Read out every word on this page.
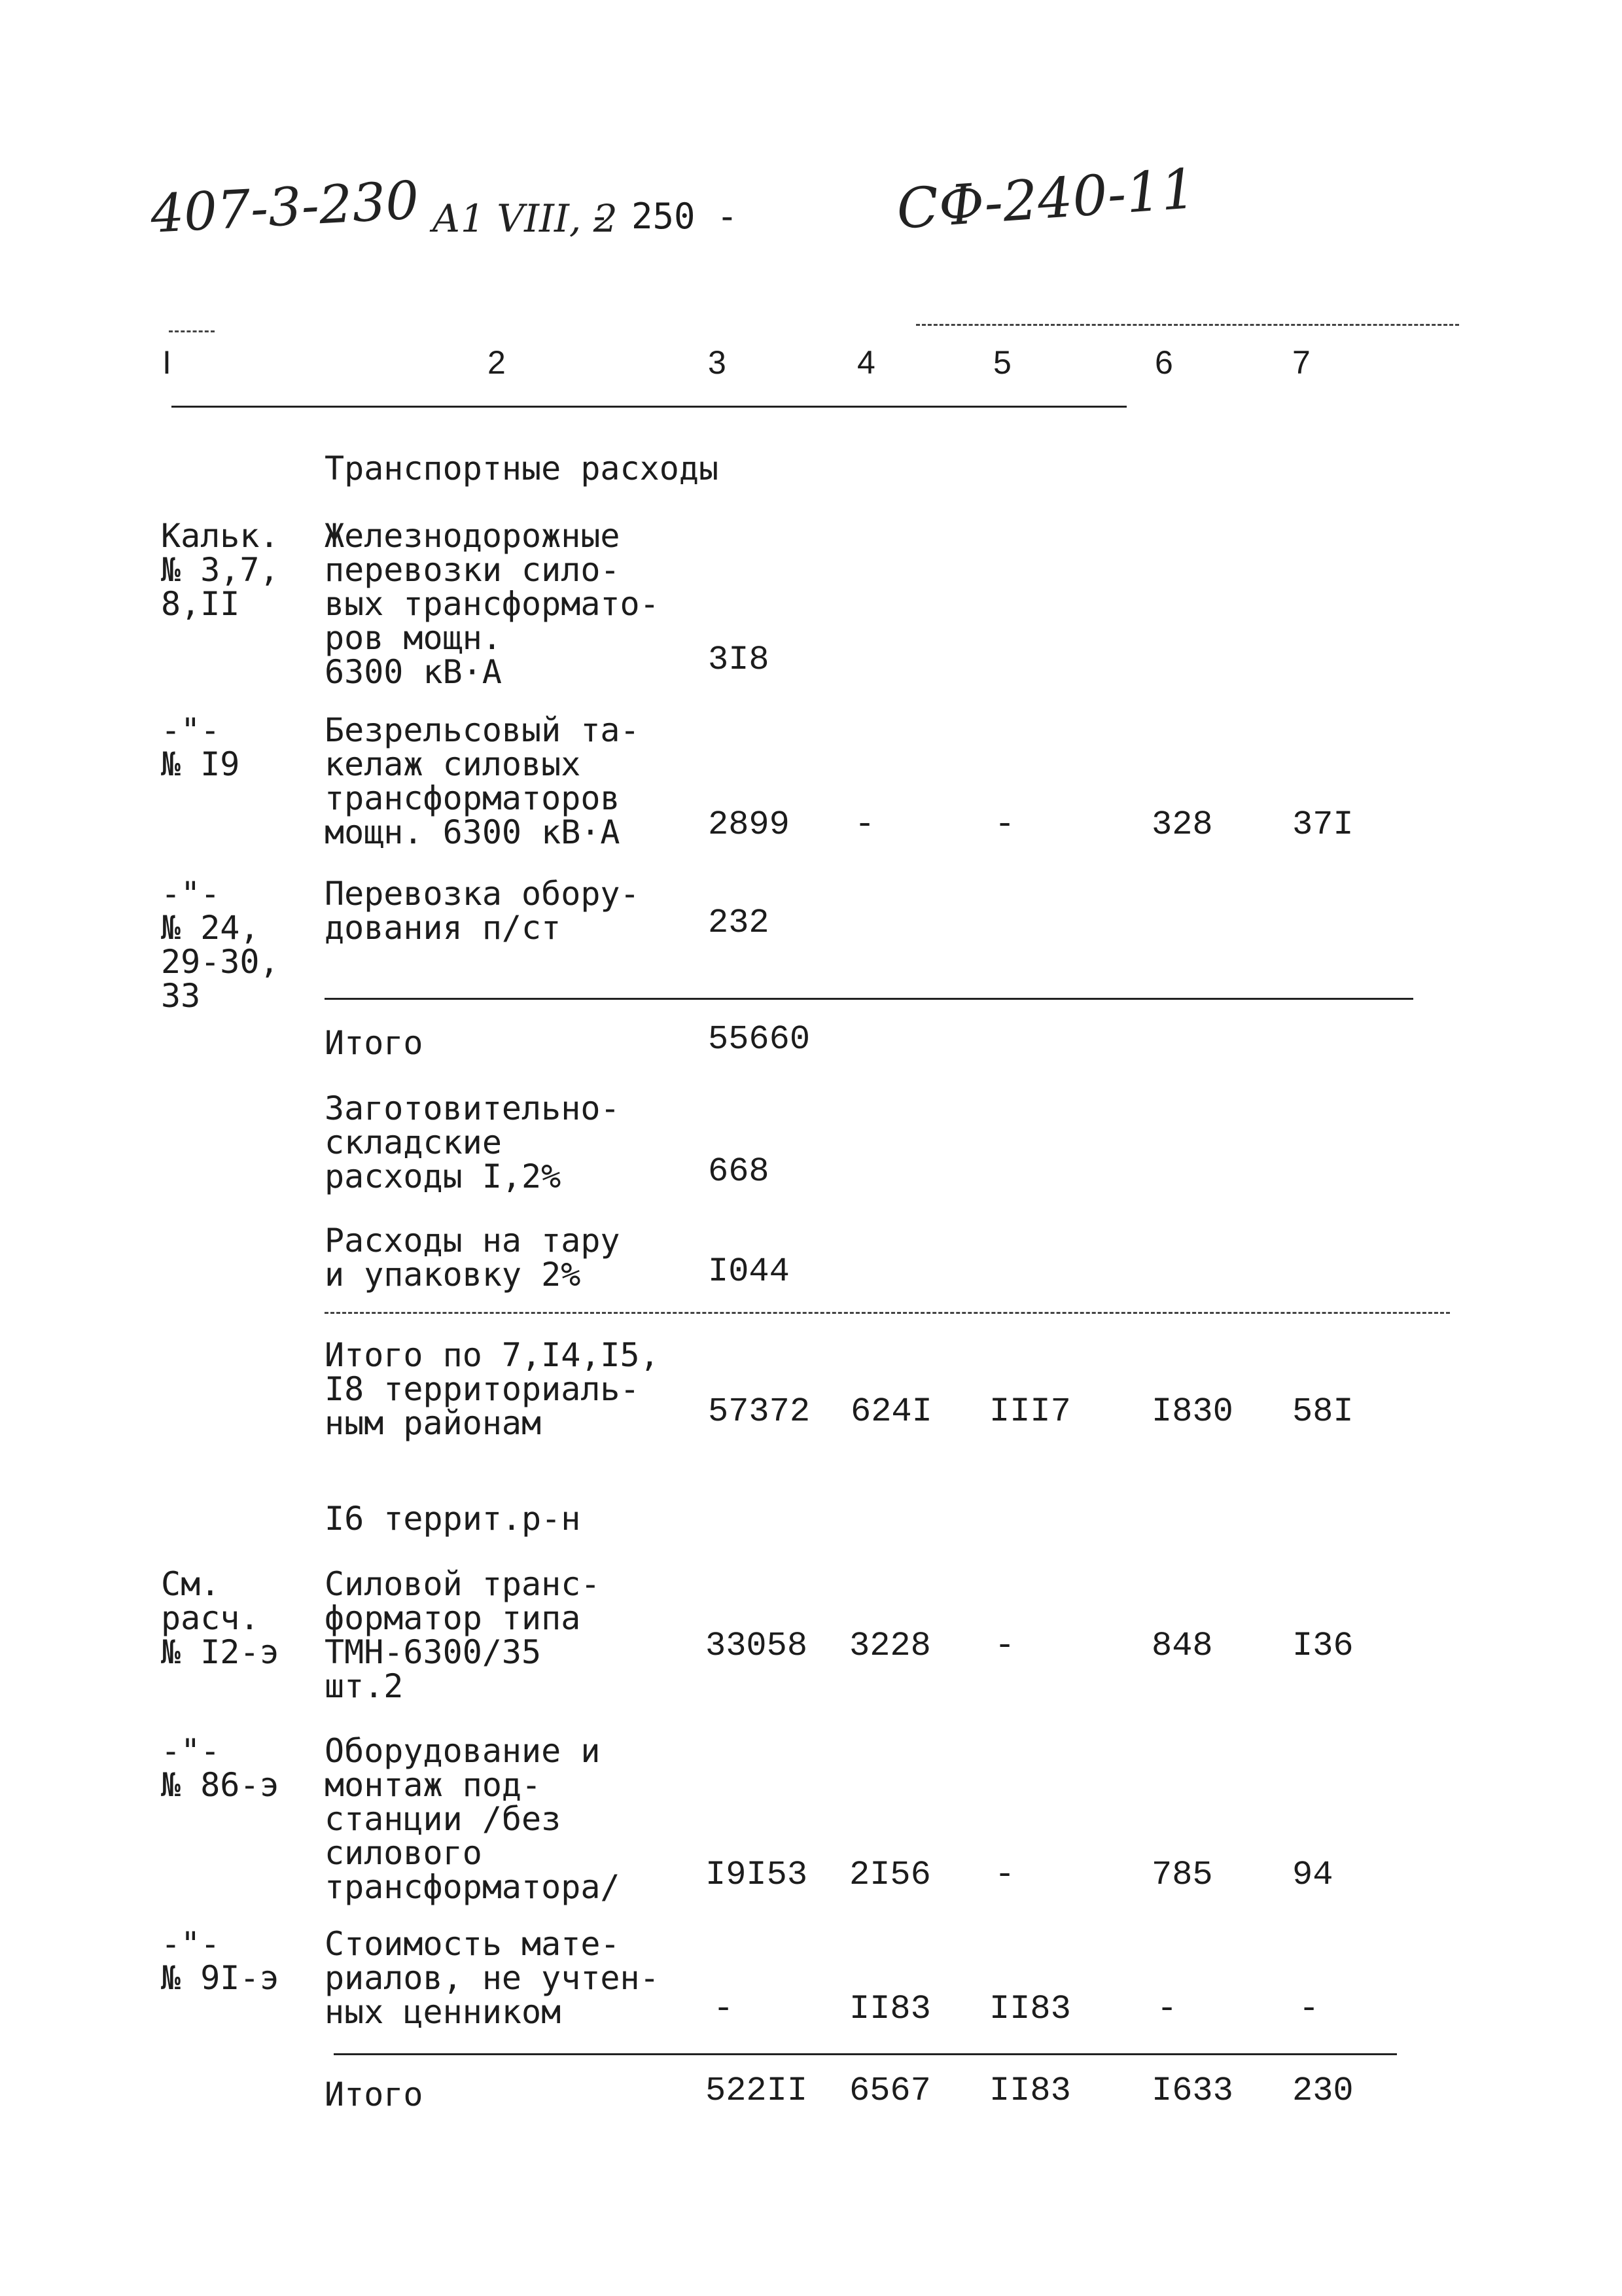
407-3-230 А1 VIII, 2
- 250 -	СФ-240-11
I	2	3	4	5	6	7
Транспортные расходы
Кальк.
№ 3,7,
8,II
Железнодорожные
перевозки сило-
вых трансформато-
ров мощн.
6300 кВ·А	3I8
-"-
№ I9
Безрельсовый та-
келаж силовых
трансформаторов
мощн. 6300 кВ·А	2899 -	-	328 37I
-"-
№ 24,
29-30,
33
Перевозка обору-
дования п/ст	232
Итого	55660
Заготовительно-
складские
расходы I,2%	668
Расходы на тару
и упаковку 2%	I044
Итого по 7,I4,I5,
I8 территориаль-
ным районам	57372 624I III7 I830 58I
I6 террит.р-н
См.
расч.
№ I2-э
Силовой транс-
форматор типа
ТМН-6300/35
шт.2
33058 3228 -	848 I36
-"-
№ 86-э
Оборудование и
монтаж под-
станции /без
силового
трансформатора/	I9I53 2I56 -	785 94
-"-
№ 9I-э
Стоимость мате-
риалов, не учтен-
ных ценником	-	II83 II83	-	-
Итого	522II 6567 II83 I633 230
